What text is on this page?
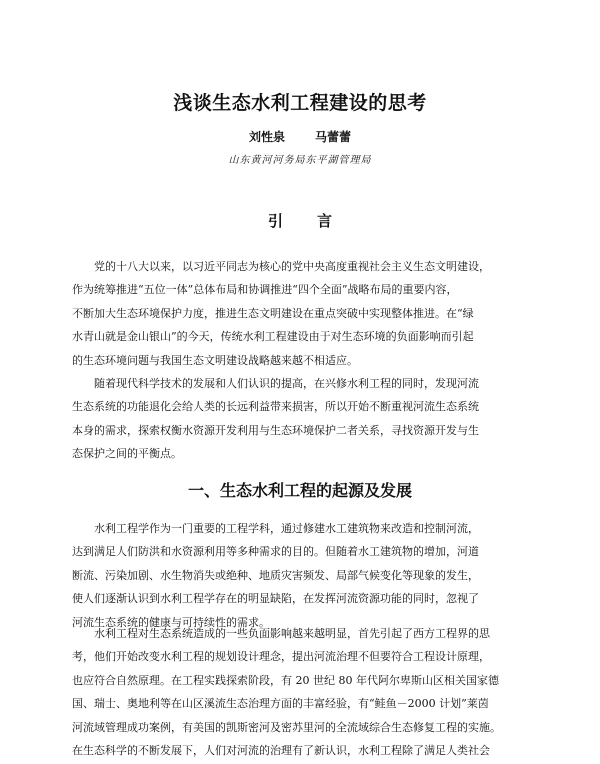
浅谈生态水利工程建设的思考
刘性泉	马蕾蕾
山东黄河河务局东平湖管理局
引言

党的十八大以来，以习近平同志为核心的党中央高度重视社会主义生态文明建设，
作为统筹推进“五位一体”总体布局和协调推进“四个全面”战略布局的重要内容，
不断加大生态环境保护力度，推进生态文明建设在重点突破中实现整体推进。在“绿
水青山就是金山银山”的今天，传统水利工程建设由于对生态环境的负面影响而引起
的生态环境问题与我国生态文明建设战略越来越不相适应。

随着现代科学技术的发展和人们认识的提高，在兴修水利工程的同时，发现河流
生态系统的功能退化会给人类的长远利益带来损害，所以开始不断重视河流生态系统
本身的需求，探索权衡水资源开发利用与生态环境保护二者关系，寻找资源开发与生
态保护之间的平衡点。

一、生态水利工程的起源及发展

水利工程学作为一门重要的工程学科，通过修建水工建筑物来改造和控制河流，
达到满足人们防洪和水资源利用等多种需求的目的。但随着水工建筑物的增加，河道
断流、污染加剧、水生物消失或绝种、地质灾害频发、局部气候变化等现象的发生，
使人们逐渐认识到水利工程学存在的明显缺陷，在发挥河流资源功能的同时，忽视了
河流生态系统的健康与可持续性的需求。

水利工程对生态系统造成的一些负面影响越来越明显，首先引起了西方工程界的思
考，他们开始改变水利工程的规划设计理念，提出河流治理不但要符合工程设计原理，
也应符合自然原理。在工程实践探索阶段，有 20 世纪 80 年代阿尔卑斯山区相关国家德
国、瑞士、奥地利等在山区溪流生态治理方面的丰富经验，有“鲑鱼－2000 计划”莱茵
河流域管理成功案例，有美国的凯斯密河及密苏里河的全流域综合生态修复工程的实施。
在生态科学的不断发展下，人们对河流的治理有了新认识，水利工程除了满足人类社会
